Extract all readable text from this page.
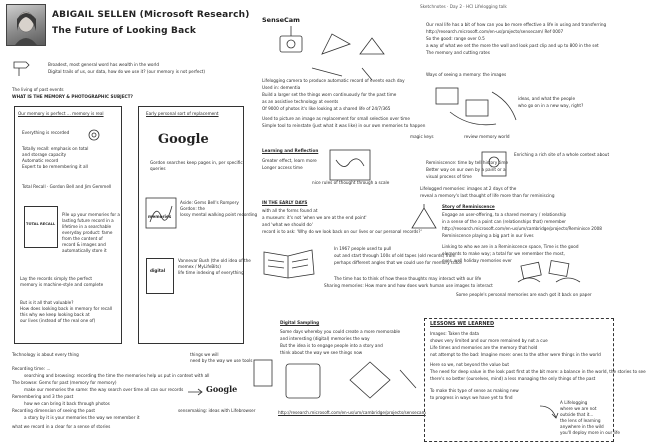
ABIGAIL SELLEN (Microsoft Research)
The Future of Looking Back
Sketchnotes · Day 2 · HCI Lifelogging talk
Broadest, most general word has wealth in the world
Digital trails of us, our data, how do we use it? (our memory is not perfect)
The living of past events
WHAT IS THE MEMORY & PHOTOGRAPHIC SUBJECT?
Our memory is perfect ... memory is real
Everything is recorded
Totally recall: emphasis on total
and storage capacity
Automatic record
Expert to be remembering it all
Total Recall · Gordon Bell and Jim Gemmell
TOTAL RECALL
Pile up your memories for a
lasting future record in a
lifetime in a searchable
everyday product: fame
from the content of
record & images and
automatically store it
Lay the records simply the perfect
memory is machine-style and complete
But is it all that valuable?
How does looking back in memory for recall
this why we keep looking back at
our lives (instead of the real one of)
Early personal sort of replacement
Google
Gordon searches keep pages in, per specific
queries
memories
Aside: Gems Bell's Rompery
Gordon: the
lossy mental walking point recording
digital
Vannevar Bush (the old idea of the
memex / MyLifeBits)
life time indexing of everything
Technology is about every thing	things we will
need by the way we use tools
Recording time: ...
searching and browsing: recording the time the memories help us put in context with all
The browse: Gems for past (memory for memory)
make our memories the same: the way search over time all can our records
Remembering and 3 the past
how we can bring it back through photos
Recording dimension of seeing the past
a story by it is your memories the way we remember it
Google
what we record in a clear for a sense of stories
sensemaking: ideas with Lifebrowser
SenseCam
Lifelogging camera to produce automatic record of events each day
Used in: dementia
Build a larger set the things worn continuously for the past time
as an assistive technology at events
Of 9000 of photos it's like looking at a shared life of 24/7/365
Used to picture an image as replacement for small selection over time
Simple tool to reinstate (just what it was like) in our own memories to happen
Learning and Reflection
Greater effect, learn more
Longer access time
nice rules of thought through a scale
IN THE EARLY DAYS
with all the forms found at
a museum: it's not 'when we are at the end point'
and 'what we should do'
record is to ask: 'Why do we look back on our lives or our personal records?'
In 1967 people used to pull
out and start through 100s of old tapes (old records) from
perhaps different angles that we could use for memory trace
The time has to think of how these thoughts may interact with our life
Sharing memories: How more and how does work human use images to interact
Digital Sampling
Some days whereby you could create a more memorable
and interesting (digital) memories the way
But the idea is to engage people into a story and
think about the way we see things now
http://research.microsoft.com/en-us/um/cambridge/projects/sensecam
Our real life has a bit of how can you be more effective a life in using and transferring
http://research.microsoft.com/en-us/projects/sensecam/ Ref 0007
So the good: range over 0.5
a way of what we set the more the wall and look past clip and up to 800 in the set
The memory and cutting rates
Ways of seeing a memory: the images
ideas, and what the people
who go on in a new way, right?
magic keys	review memory world
Enriching a rich site of a whole context about
Reminiscence: time by tell history time
Better way on our own by a paint or a
visual process of time
Lifelogged memories: images at 2 days of the
reveal a memory's last thought of life more than for reminiscing
Story of Reminiscence
Engage an user-offering, to a shared memory / relationship
in a sense of the a point can (relationships that) remember
http://research.microsoft.com/en-us/um/cambridge/projects/Reminisce 2008
Reminiscence playing a big part in our lives
Linking to who we are in a Reminiscence space, Time is the good
elements to make way; a total for we remember the most,
ever, well holiday memories ever
Some people's personal memories are each got it back on paper
LESSONS WE LEARNED
Images: Taken the data
shows very limited and our more remained by not a cue
Life times and memories are the memory that hold
not attempt to the bad: Imagine more: ones to the other were things in the world
Here so we, not beyond the value but
The need for deep value in the look past first at the bit more: a balance in the world, the stories to see
there's no better (ourselves, mind) a less managing the only things of the past
To make this type of sense as making new
to progress in ways we have yet to find
A Lifelogging
where we are not
outside that it...
the lens of learning
anywhere in the wild
you'll deploy more in our life
